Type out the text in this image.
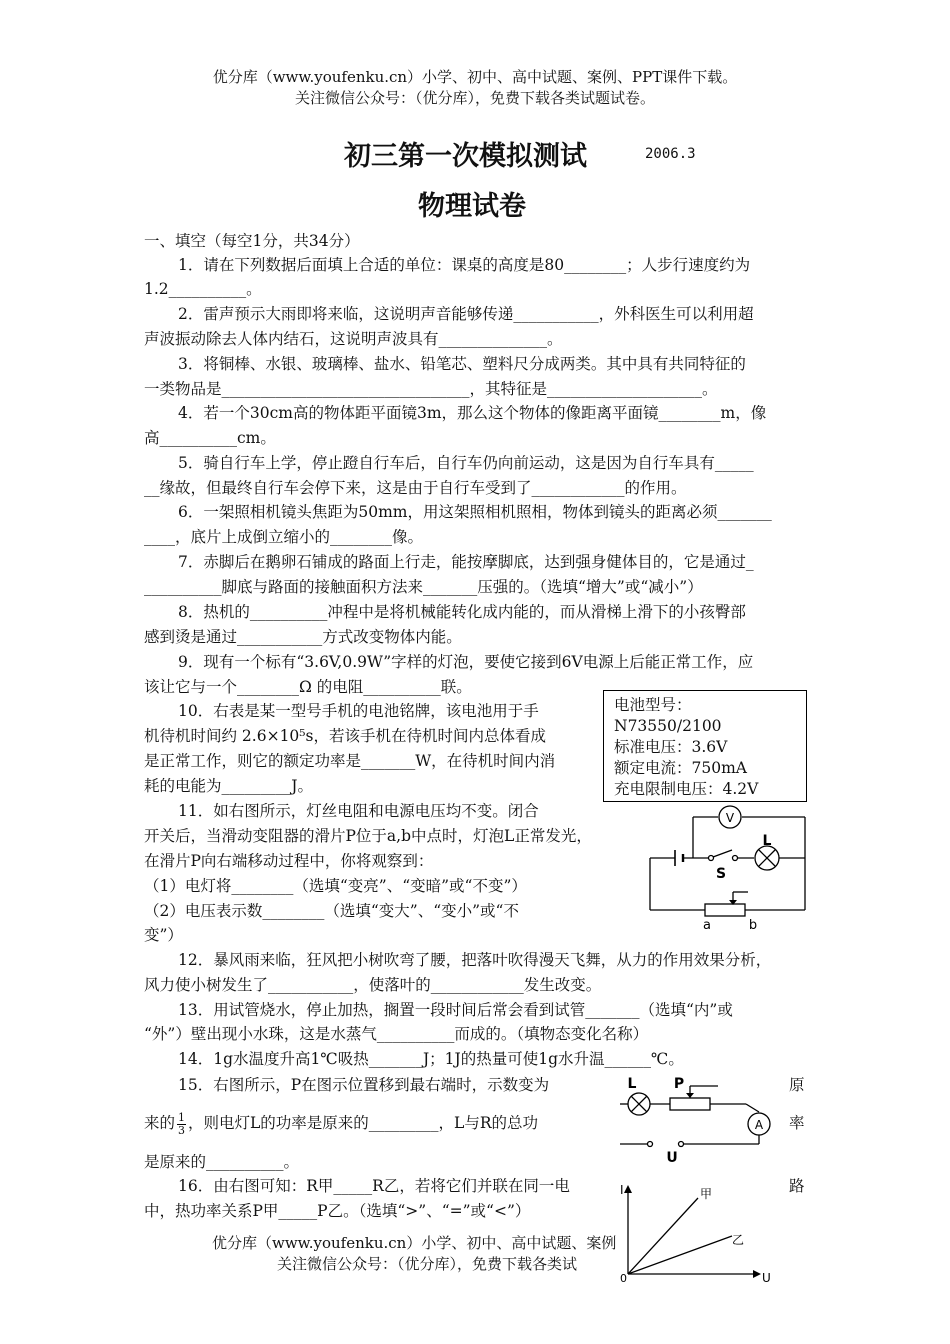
优分库（www.youfenku.cn）小学、初中、高中试题、案例、PPT课件下载。
关注微信公众号：（优分库），免费下载各类试题试卷。
初三第一次模拟测试	2006.3
物理试卷
一、填空（每空1分，共34分）
1．请在下列数据后面填上合适的单位：课桌的高度是80________；人步行速度约为
1.2__________。
2．雷声预示大雨即将来临，这说明声音能够传递___________，外科医生可以利用超
声波振动除去人体内结石，这说明声波具有______________。
3．将铜棒、水银、玻璃棒、盐水、铅笔芯、塑料尺分成两类。其中具有共同特征的
一类物品是________________________________，其特征是____________________。
4．若一个30cm高的物体距平面镜3m，那么这个物体的像距离平面镜________m，像
高__________cm。
5．骑自行车上学，停止蹬自行车后，自行车仍向前运动，这是因为自行车具有_____
__缘故，但最终自行车会停下来，这是由于自行车受到了____________的作用。
6．一架照相机镜头焦距为50mm，用这架照相机照相，物体到镜头的距离必须_______
____，底片上成倒立缩小的________像。
7．赤脚后在鹅卵石铺成的路面上行走，能按摩脚底，达到强身健体目的，它是通过_
__________脚底与路面的接触面积方法来_______压强的。（选填“增大”或“减小”）
8．热机的__________冲程中是将机械能转化成内能的，而从滑梯上滑下的小孩臀部
感到烫是通过___________方式改变物体内能。
9．现有一个标有“3.6V,0.9W”字样的灯泡，要使它接到6V电源上后能正常工作，应
该让它与一个________Ω 的电阻__________联。
10．右表是某一型号手机的电池铭牌，该电池用于手
机待机时间约 2.6×10⁵s，若该手机在待机时间内总体看成
是正常工作，则它的额定功率是_______W，在待机时间内消
耗的电能为_________J。
11．如右图所示，灯丝电阻和电源电压均不变。闭合
开关后，当滑动变阻器的滑片P位于a,b中点时，灯泡L正常发光，
在滑片P向右端移动过程中，你将观察到：
（1）电灯将________（选填“变亮”、“变暗”或“不变”）
（2）电压表示数________（选填“变大”、“变小”或“不
变”）
12．暴风雨来临，狂风把小树吹弯了腰，把落叶吹得漫天飞舞，从力的作用效果分析，
风力使小树发生了___________，使落叶的____________发生改变。
13．用试管烧水，停止加热，搁置一段时间后常会看到试管_______（选填“内”或
“外”）壁出现小水珠，这是水蒸气__________而成的。（填物态变化名称）
14．1g水温度升高1℃吸热_______J；1J的热量可使1g水升温______℃。
15．右图所示，P在图示位置移到最右端时，示数变为	原
来的 $\frac{1}{3}$ ，则电灯L的功率是原来的_________，L与R的总功	率
是原来的__________。
16．由右图可知：R甲_____R乙，若将它们并联在同一电	路
中，热功率关系P甲_____P乙。（选填“>”、“=”或“<”）
电池型号：N73550/2100
标准电压：3.6V
额定电流：750mA
充电限制电压：4.2V
V
L
S
a	b
L	P
A
U
I
U
0
甲
乙
优分库（www.youfenku.cn）小学、初中、高中试题、案例
关注微信公众号：（优分库），免费下载各类试
